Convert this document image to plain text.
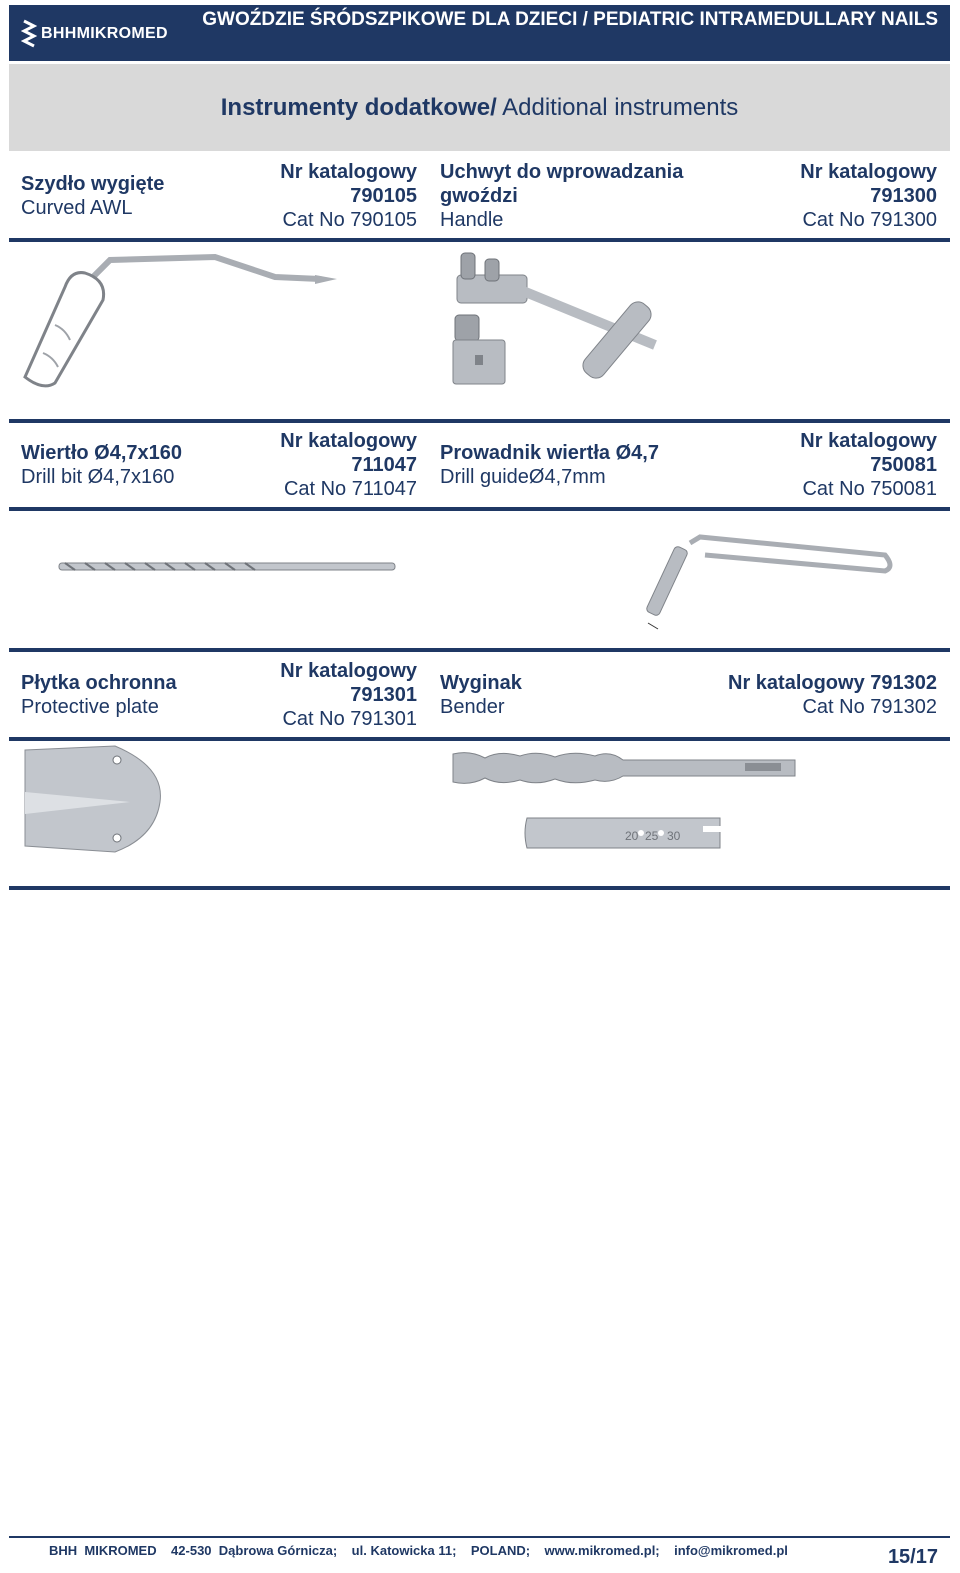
BHHMIKROMED
GWOŹDZIE ŚRÓDSZPIKOWE DLA DZIECI / PEDIATRIC INTRAMEDULLARY NAILS
Instrumenty dodatkowe/ Additional instruments
Szydło wygięte
Curved AWL
Nr katalogowy 790105
Cat No 790105
Uchwyt do wprowadzania gwoździ
Handle
Nr katalogowy 791300
Cat No 791300
Wiertło Ø4,7x160
Drill bit Ø4,7x160
Nr katalogowy 711047
Cat No 711047
Prowadnik wiertła Ø4,7
Drill guideØ4,7mm
Nr katalogowy 750081
Cat No 750081
Płytka ochronna
Protective plate
Nr katalogowy 791301
Cat No 791301
Wyginak
Bender
Nr katalogowy 791302
Cat No 791302
20 25 30
BHH  MIKROMED    42-530  Dąbrowa Górnicza;    ul. Katowicka 11;    POLAND;    www.mikromed.pl;    info@mikromed.pl	15/17
